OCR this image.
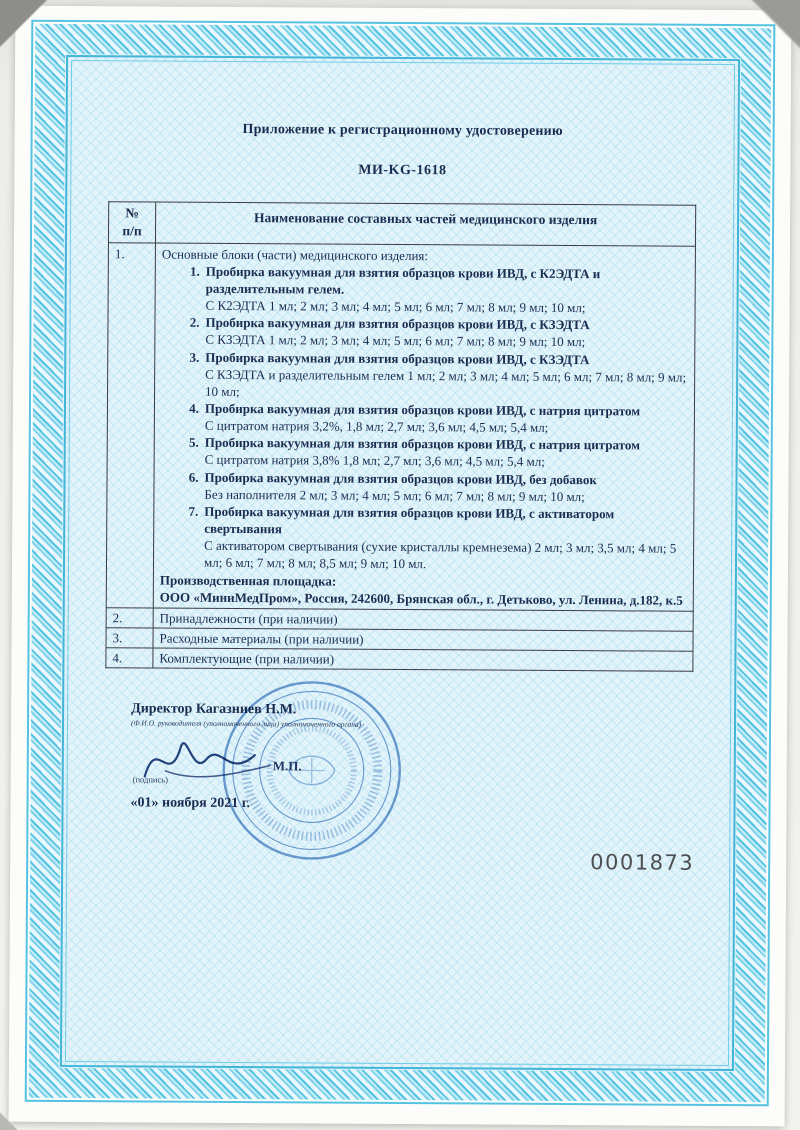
Приложение к регистрационному удостоверению

МИ-KG-1618

№
п/п	Наименование составных частей медицинского изделия
1.	Основные блоки (части) медицинского изделия:

1. Пробирка вакуумная для взятия образцов крови ИВД, с К2ЭДТА и разделительным гелем.
С К2ЭДТА 1 мл; 2 мл; 3 мл; 4 мл; 5 мл; 6 мл; 7 мл; 8 мл; 9 мл; 10 мл;
2. Пробирка вакуумная для взятия образцов крови ИВД, с КЗЭДТА
С КЗЭДТА 1 мл; 2 мл; 3 мл; 4 мл; 5 мл; 6 мл; 7 мл; 8 мл; 9 мл; 10 мл;
3. Пробирка вакуумная для взятия образцов крови ИВД, с КЗЭДТА
С КЗЭДТА и разделительным гелем 1 мл; 2 мл; 3 мл; 4 мл; 5 мл; 6 мл; 7 мл; 8 мл; 9 мл; 10 мл;
4. Пробирка вакуумная для взятия образцов крови ИВД, с натрия цитратом
С цитратом натрия 3,2%, 1,8 мл; 2,7 мл; 3,6 мл; 4,5 мл; 5,4 мл;
5. Пробирка вакуумная для взятия образцов крови ИВД, с натрия цитратом
С цитратом натрия 3,8% 1,8 мл; 2,7 мл; 3,6 мл; 4,5 мл; 5,4 мл;
6. Пробирка вакуумная для взятия образцов крови ИВД, без добавок
Без наполнителя 2 мл; 3 мл; 4 мл; 5 мл; 6 мл; 7 мл; 8 мл; 9 мл; 10 мл;
7. Пробирка вакуумная для взятия образцов крови ИВД, с активатором свертывания
С активатором свертывания (сухие кристаллы кремнезема) 2 мл; 3 мл; 3,5 мл; 4 мл; 5 мл; 6 мл; 7 мл; 8 мл; 8,5 мл; 9 мл; 10 мл.

Производственная площадка:

ООО «МиниМедПром», Россия, 242600, Брянская обл., г. Детьково, ул. Ленина, д.182, к.5

2.	Принадлежности (при наличии)
3.	Расходные материалы (при наличии)
4.	Комплектующие (при наличии)
Директор Кагазниев Н.М.
(Ф.И.О. руководителя (уполномоченного лица) уполномоченного органа)
М.П.
(подпись)
«01» ноября 2021 г.
0001873
